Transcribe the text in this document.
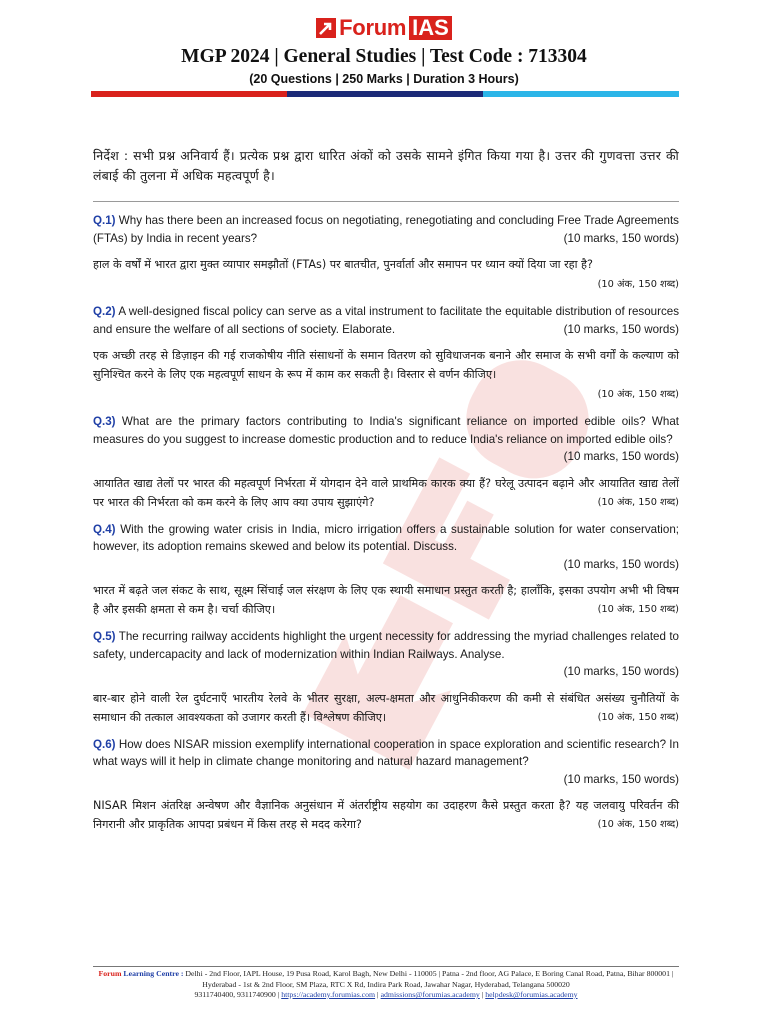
Forum IAS
MGP 2024 | General Studies | Test Code : 713304
(20 Questions | 250 Marks | Duration 3 Hours)
निर्देश : सभी प्रश्न अनिवार्य हैं। प्रत्येक प्रश्न द्वारा धारित अंकों को उसके सामने इंगित किया गया है। उत्तर की गुणवत्ता उत्तर की लंबाई की तुलना में अधिक महत्वपूर्ण है।
Q.1) Why has there been an increased focus on negotiating, renegotiating and concluding Free Trade Agreements (FTAs) by India in recent years?	(10 marks, 150 words)
हाल के वर्षों में भारत द्वारा मुक्त व्यापार समझौतों (FTAs) पर बातचीत, पुनर्वार्ता और समापन पर ध्यान क्यों दिया जा रहा है?
(10 अंक, 150 शब्द)
Q.2) A well-designed fiscal policy can serve as a vital instrument to facilitate the equitable distribution of resources and ensure the welfare of all sections of society. Elaborate.	(10 marks, 150 words)
एक अच्छी तरह से डिज़ाइन की गई राजकोषीय नीति संसाधनों के समान वितरण को सुविधाजनक बनाने और समाज के सभी वर्गों के कल्याण को सुनिश्चित करने के लिए एक महत्वपूर्ण साधन के रूप में काम कर सकती है। विस्तार से वर्णन कीजिए।
(10 अंक, 150 शब्द)
Q.3) What are the primary factors contributing to India's significant reliance on imported edible oils? What measures do you suggest to increase domestic production and to reduce India's reliance on imported edible oils?
(10 marks, 150 words)
आयातित खाद्य तेलों पर भारत की महत्वपूर्ण निर्भरता में योगदान देने वाले प्राथमिक कारक क्या हैं? घरेलू उत्पादन बढ़ाने और आयातित खाद्य तेलों पर भारत की निर्भरता को कम करने के लिए आप क्या उपाय सुझाएंगे?	(10 अंक, 150 शब्द)
Q.4) With the growing water crisis in India, micro irrigation offers a sustainable solution for water conservation; however, its adoption remains skewed and below its potential. Discuss.
(10 marks, 150 words)
भारत में बढ़ते जल संकट के साथ, सूक्ष्म सिंचाई जल संरक्षण के लिए एक स्थायी समाधान प्रस्तुत करती है; हालाँकि, इसका उपयोग अभी भी विषम है और इसकी क्षमता से कम है। चर्चा कीजिए।	(10 अंक, 150 शब्द)
Q.5) The recurring railway accidents highlight the urgent necessity for addressing the myriad challenges related to safety, undercapacity and lack of modernization within Indian Railways. Analyse.
(10 marks, 150 words)
बार-बार होने वाली रेल दुर्घटनाएँ भारतीय रेलवे के भीतर सुरक्षा, अल्प-क्षमता और आधुनिकीकरण की कमी से संबंधित असंख्य चुनौतियों के समाधान की तत्काल आवश्यकता को उजागर करती हैं। विश्लेषण कीजिए।	(10 अंक, 150 शब्द)
Q.6) How does NISAR mission exemplify international cooperation in space exploration and scientific research? In what ways will it help in climate change monitoring and natural hazard management?
(10 marks, 150 words)
NISAR मिशन अंतरिक्ष अन्वेषण और वैज्ञानिक अनुसंधान में अंतर्राष्ट्रीय सहयोग का उदाहरण कैसे प्रस्तुत करता है? यह जलवायु परिवर्तन की निगरानी और प्राकृतिक आपदा प्रबंधन में किस तरह से मदद करेगा?	(10 अंक, 150 शब्द)
Forum Learning Centre : Delhi - 2nd Floor, IAPL House, 19 Pusa Road, Karol Bagh, New Delhi - 110005 | Patna - 2nd floor, AG Palace, E Boring Canal Road, Patna, Bihar 800001 | Hyderabad - 1st & 2nd Floor, SM Plaza, RTC X Rd, Indira Park Road, Jawahar Nagar, Hyderabad, Telangana 500020
9311740400, 9311740900 | https://academy.forumias.com | admissions@forumias.academy | helpdesk@forumias.academy
